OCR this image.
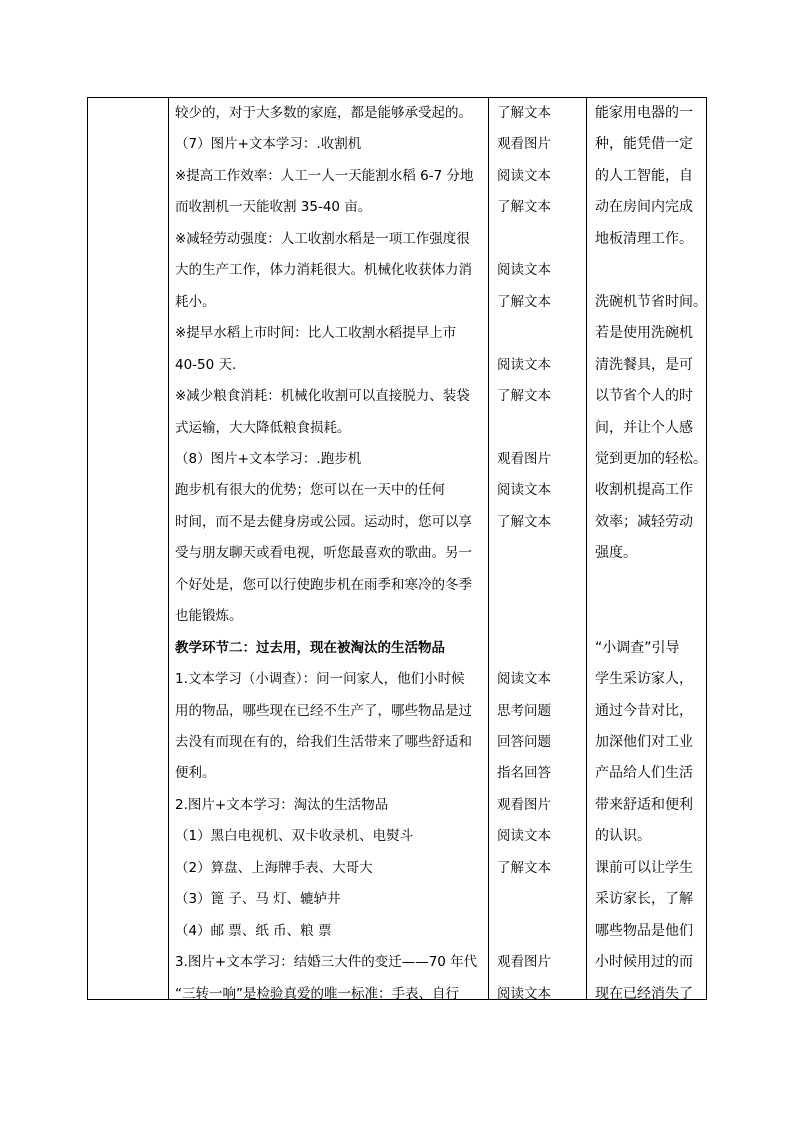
较少的，对于大多数的家庭，都是能够承受起的。
（7）图片+文本学习：.收割机
※提高工作效率：人工一人一天能割水稻 6-7 分地
而收割机一天能收割 35-40 亩。
※减轻劳动强度：人工收割水稻是一项工作强度很
大的生产工作，体力消耗很大。机械化收获体力消
耗小。
※提早水稻上市时间：比人工收割水稻提早上市
40-50 天.
※减少粮食消耗：机械化收割可以直接脱力、装袋
式运输，大大降低粮食损耗。
（8）图片+文本学习：.跑步机
跑步机有很大的优势；您可以在一天中的任何
时间，而不是去健身房或公园。运动时，您可以享
受与朋友聊天或看电视，听您最喜欢的歌曲。另一
个好处是，您可以行使跑步机在雨季和寒冷的冬季
也能锻炼。
教学环节二：过去用，现在被淘汰的生活物品
1.文本学习（小调查）：问一问家人，他们小时候
用的物品，哪些现在已经不生产了，哪些物品是过
去没有而现在有的，给我们生活带来了哪些舒适和
便利。
2.图片+文本学习：淘汰的生活物品
（1）黑白电视机、双卡收录机、电熨斗
（2）算盘、上海牌手表、大哥大
（3）篦 子、马 灯、辘轳井
（4）邮 票、纸 币、粮 票
3.图片+文本学习：结婚三大件的变迁——70 年代
“三转一响”是检验真爱的唯一标准：手表、自行
了解文本
观看图片
阅读文本
了解文本
阅读文本
了解文本
阅读文本
了解文本
观看图片
阅读文本
了解文本
阅读文本
思考问题
回答问题
指名回答
观看图片
阅读文本
了解文本
观看图片
阅读文本
能家用电器的一
种，能凭借一定
的人工智能，自
动在房间内完成
地板清理工作。
洗碗机节省时间。
若是使用洗碗机
清洗餐具，是可
以节省个人的时
间，并让个人感
觉到更加的轻松。
收割机提高工作
效率；减轻劳动
强度。
“小调查”引导
学生采访家人，
通过今昔对比，
加深他们对工业
产品给人们生活
带来舒适和便利
的认识。
课前可以让学生
采访家长，了解
哪些物品是他们
小时候用过的而
现在已经消失了
